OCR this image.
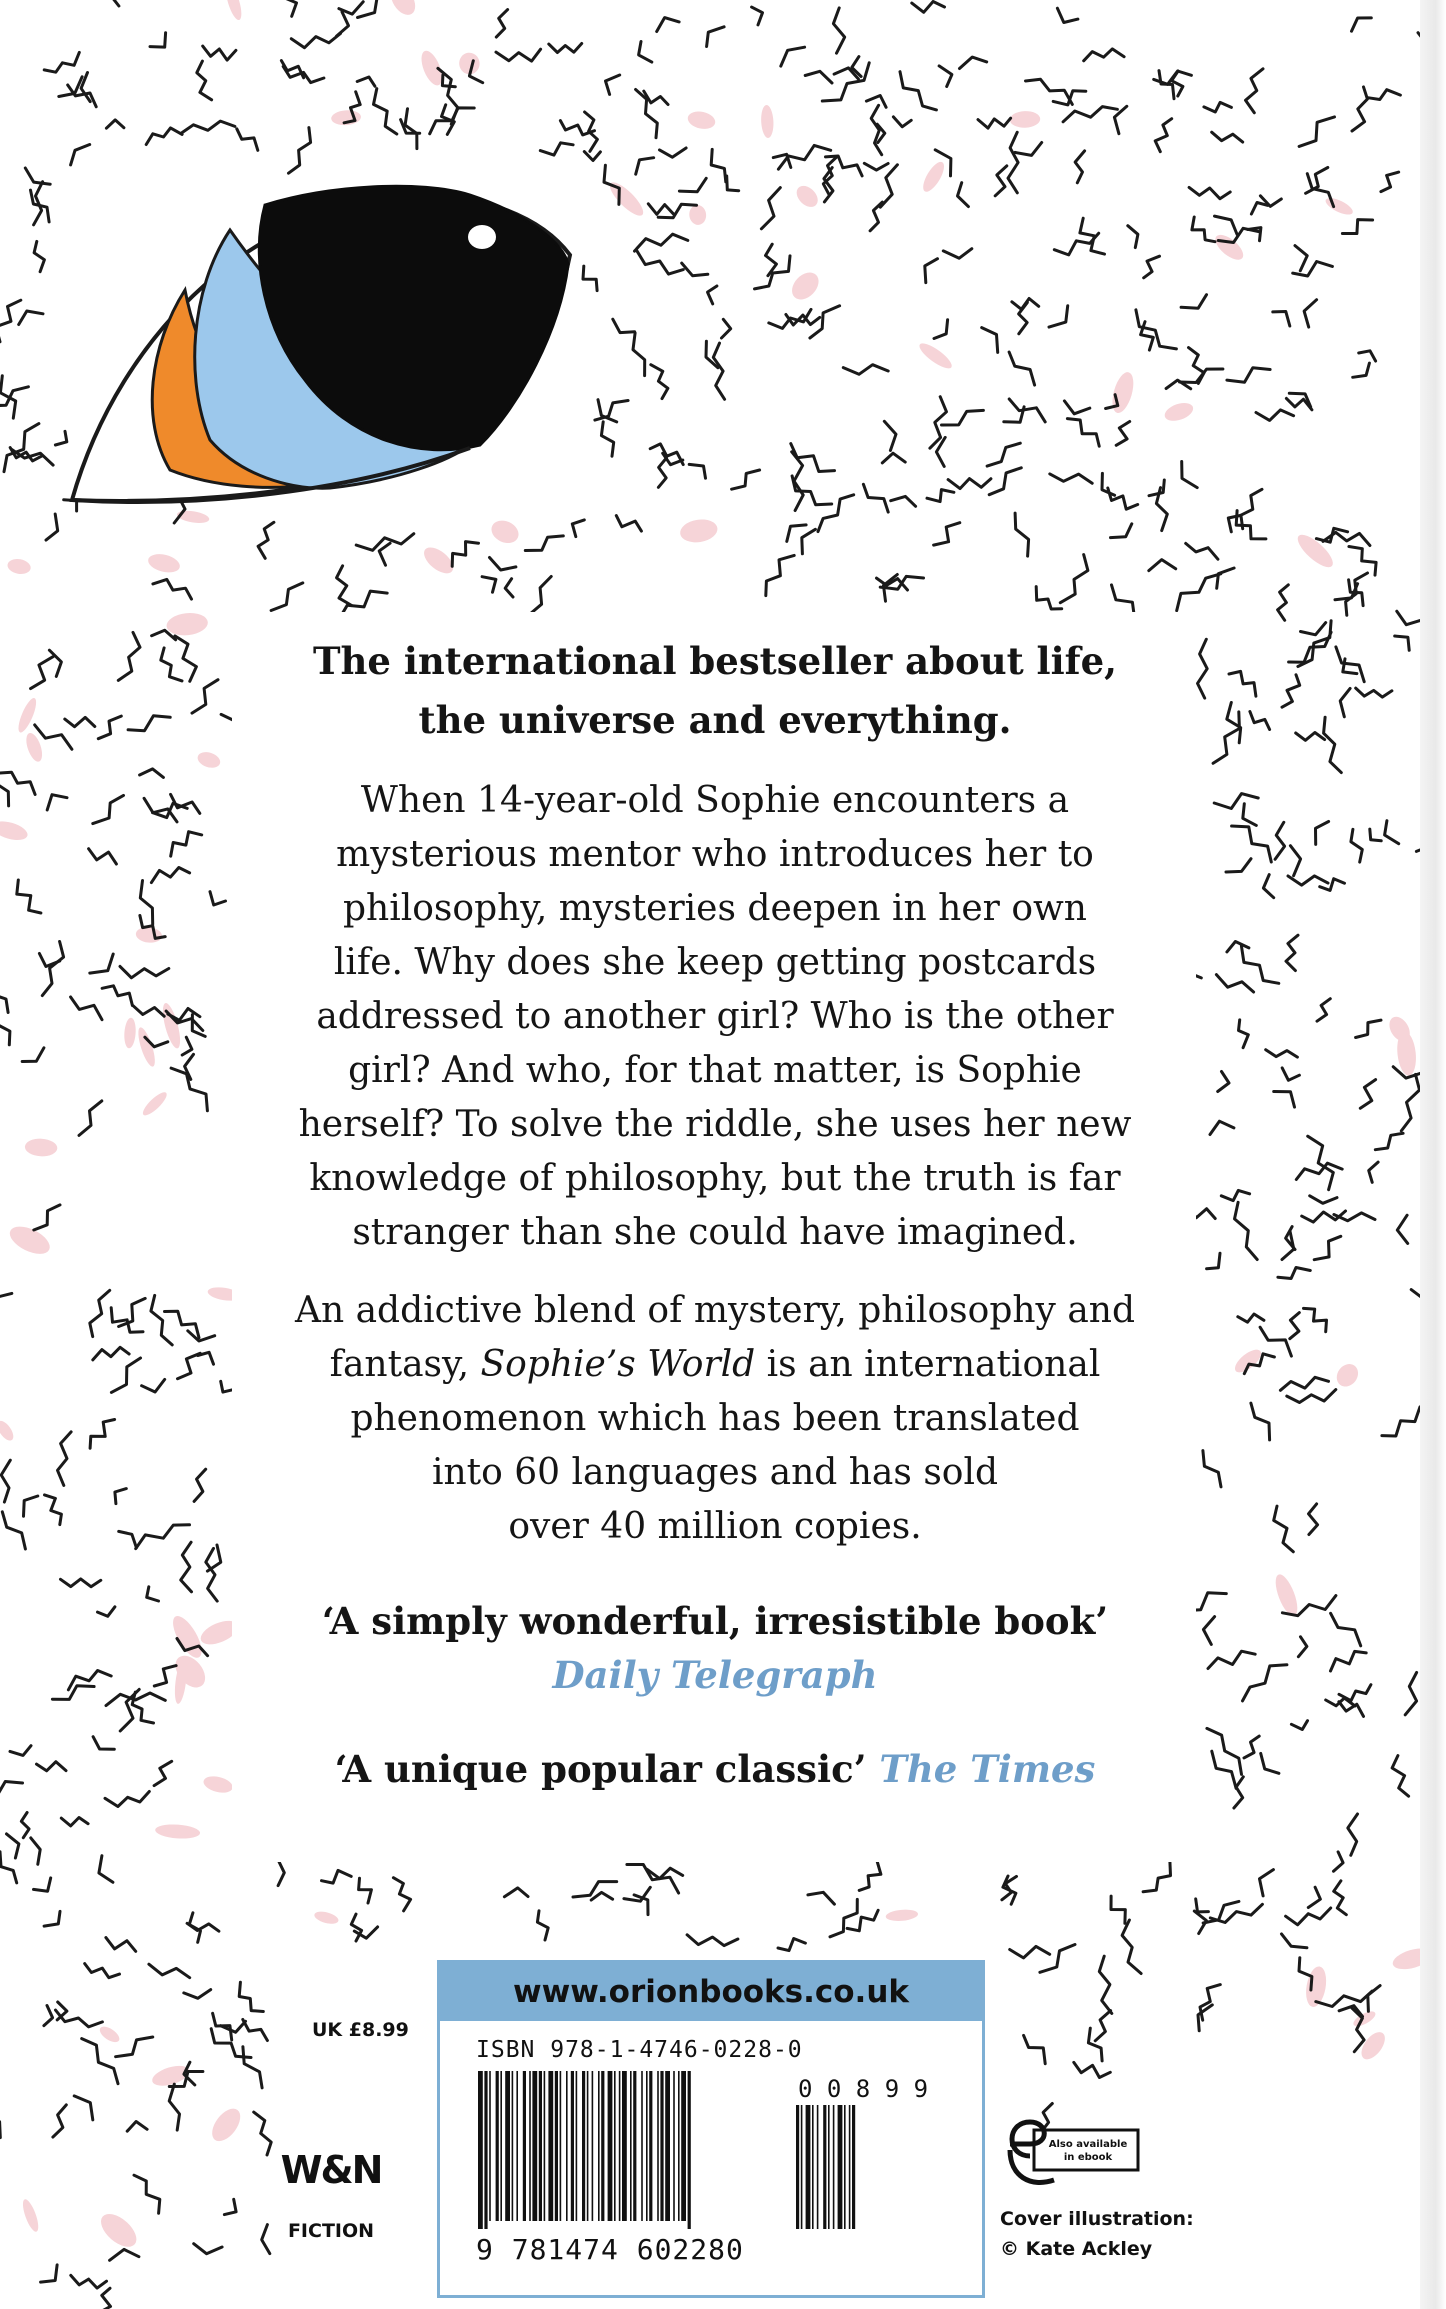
The international bestseller about life,
the universe and everything.

When 14-year-old Sophie encounters a
mysterious mentor who introduces her to
philosophy, mysteries deepen in her own
life. Why does she keep getting postcards
addressed to another girl? Who is the other
girl? And who, for that matter, is Sophie
herself? To solve the riddle, she uses her new
knowledge of philosophy, but the truth is far
stranger than she could have imagined.

An addictive blend of mystery, philosophy and
fantasy, Sophie’s World is an international
phenomenon which has been translated
into 60 languages and has sold
over 40 million copies.

‘A simply wonderful, irresistible book’
Daily Telegraph

‘A unique popular classic’ The Times

UK £8.99
www.orionbooks.co.uk
ISBN 978-1-4746-0228-0
0 0 8 9 9
9 781474 602280
W&N
FICTION
Also available in ebook
Cover illustration:
© Kate Ackley
